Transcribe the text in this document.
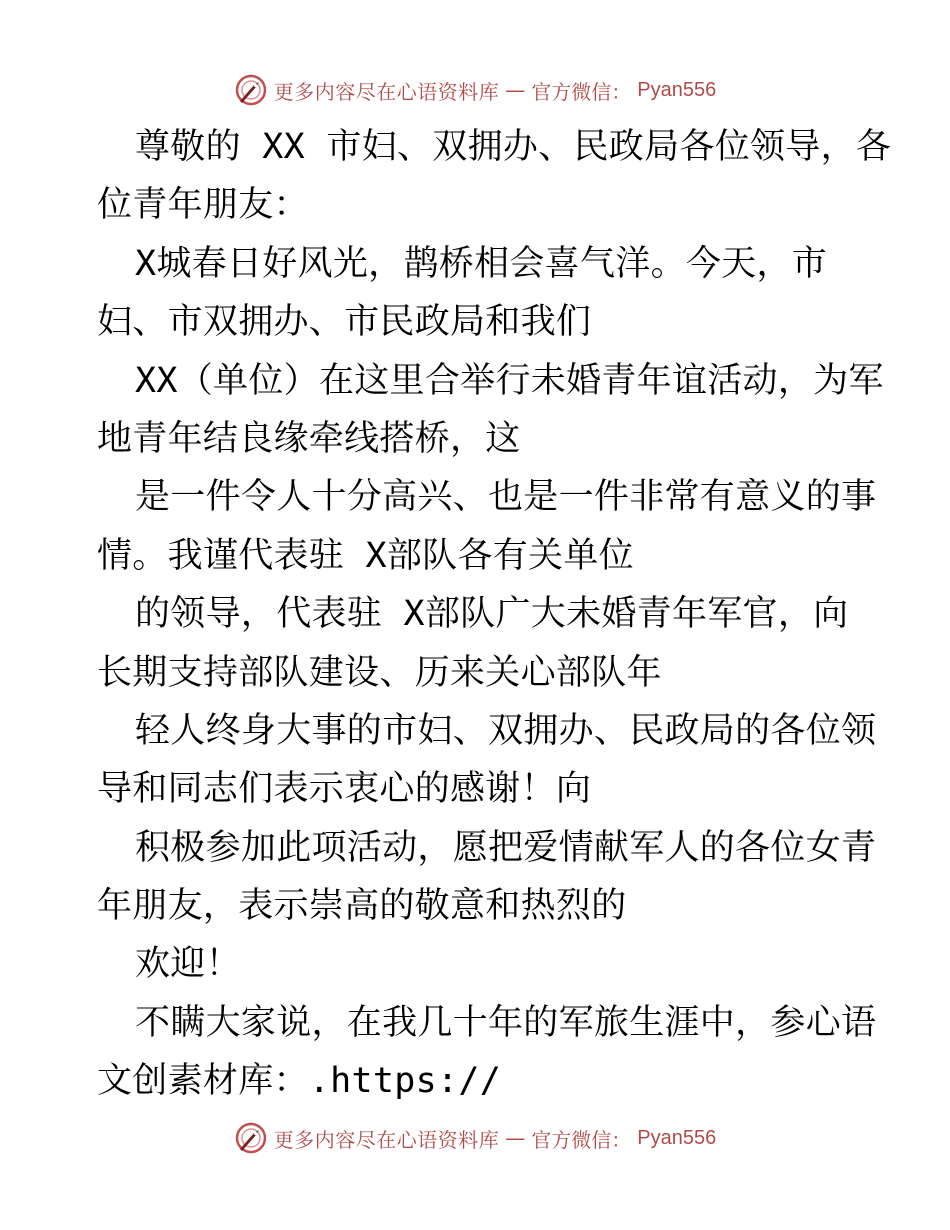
更多内容尽在心语资料库 — 官方微信： Pyan556
尊敬的 XX 市妇、双拥办、民政局各位领导，各
位青年朋友：
X城春日好风光，鹊桥相会喜气洋。今天，市
妇、市双拥办、市民政局和我们
XX（单位）在这里合举行未婚青年谊活动，为军
地青年结良缘牵线搭桥，这
是一件令人十分高兴、也是一件非常有意义的事
情。我谨代表驻 X部队各有关单位
的领导，代表驻 X部队广大未婚青年军官，向
长期支持部队建设、历来关心部队年
轻人终身大事的市妇、双拥办、民政局的各位领
导和同志们表示衷心的感谢！向
积极参加此项活动，愿把爱情献军人的各位女青
年朋友，表示崇高的敬意和热烈的
欢迎！
不瞒大家说，在我几十年的军旅生涯中，参心语
文创素材库：.https://
更多内容尽在心语资料库 — 官方微信： Pyan556
